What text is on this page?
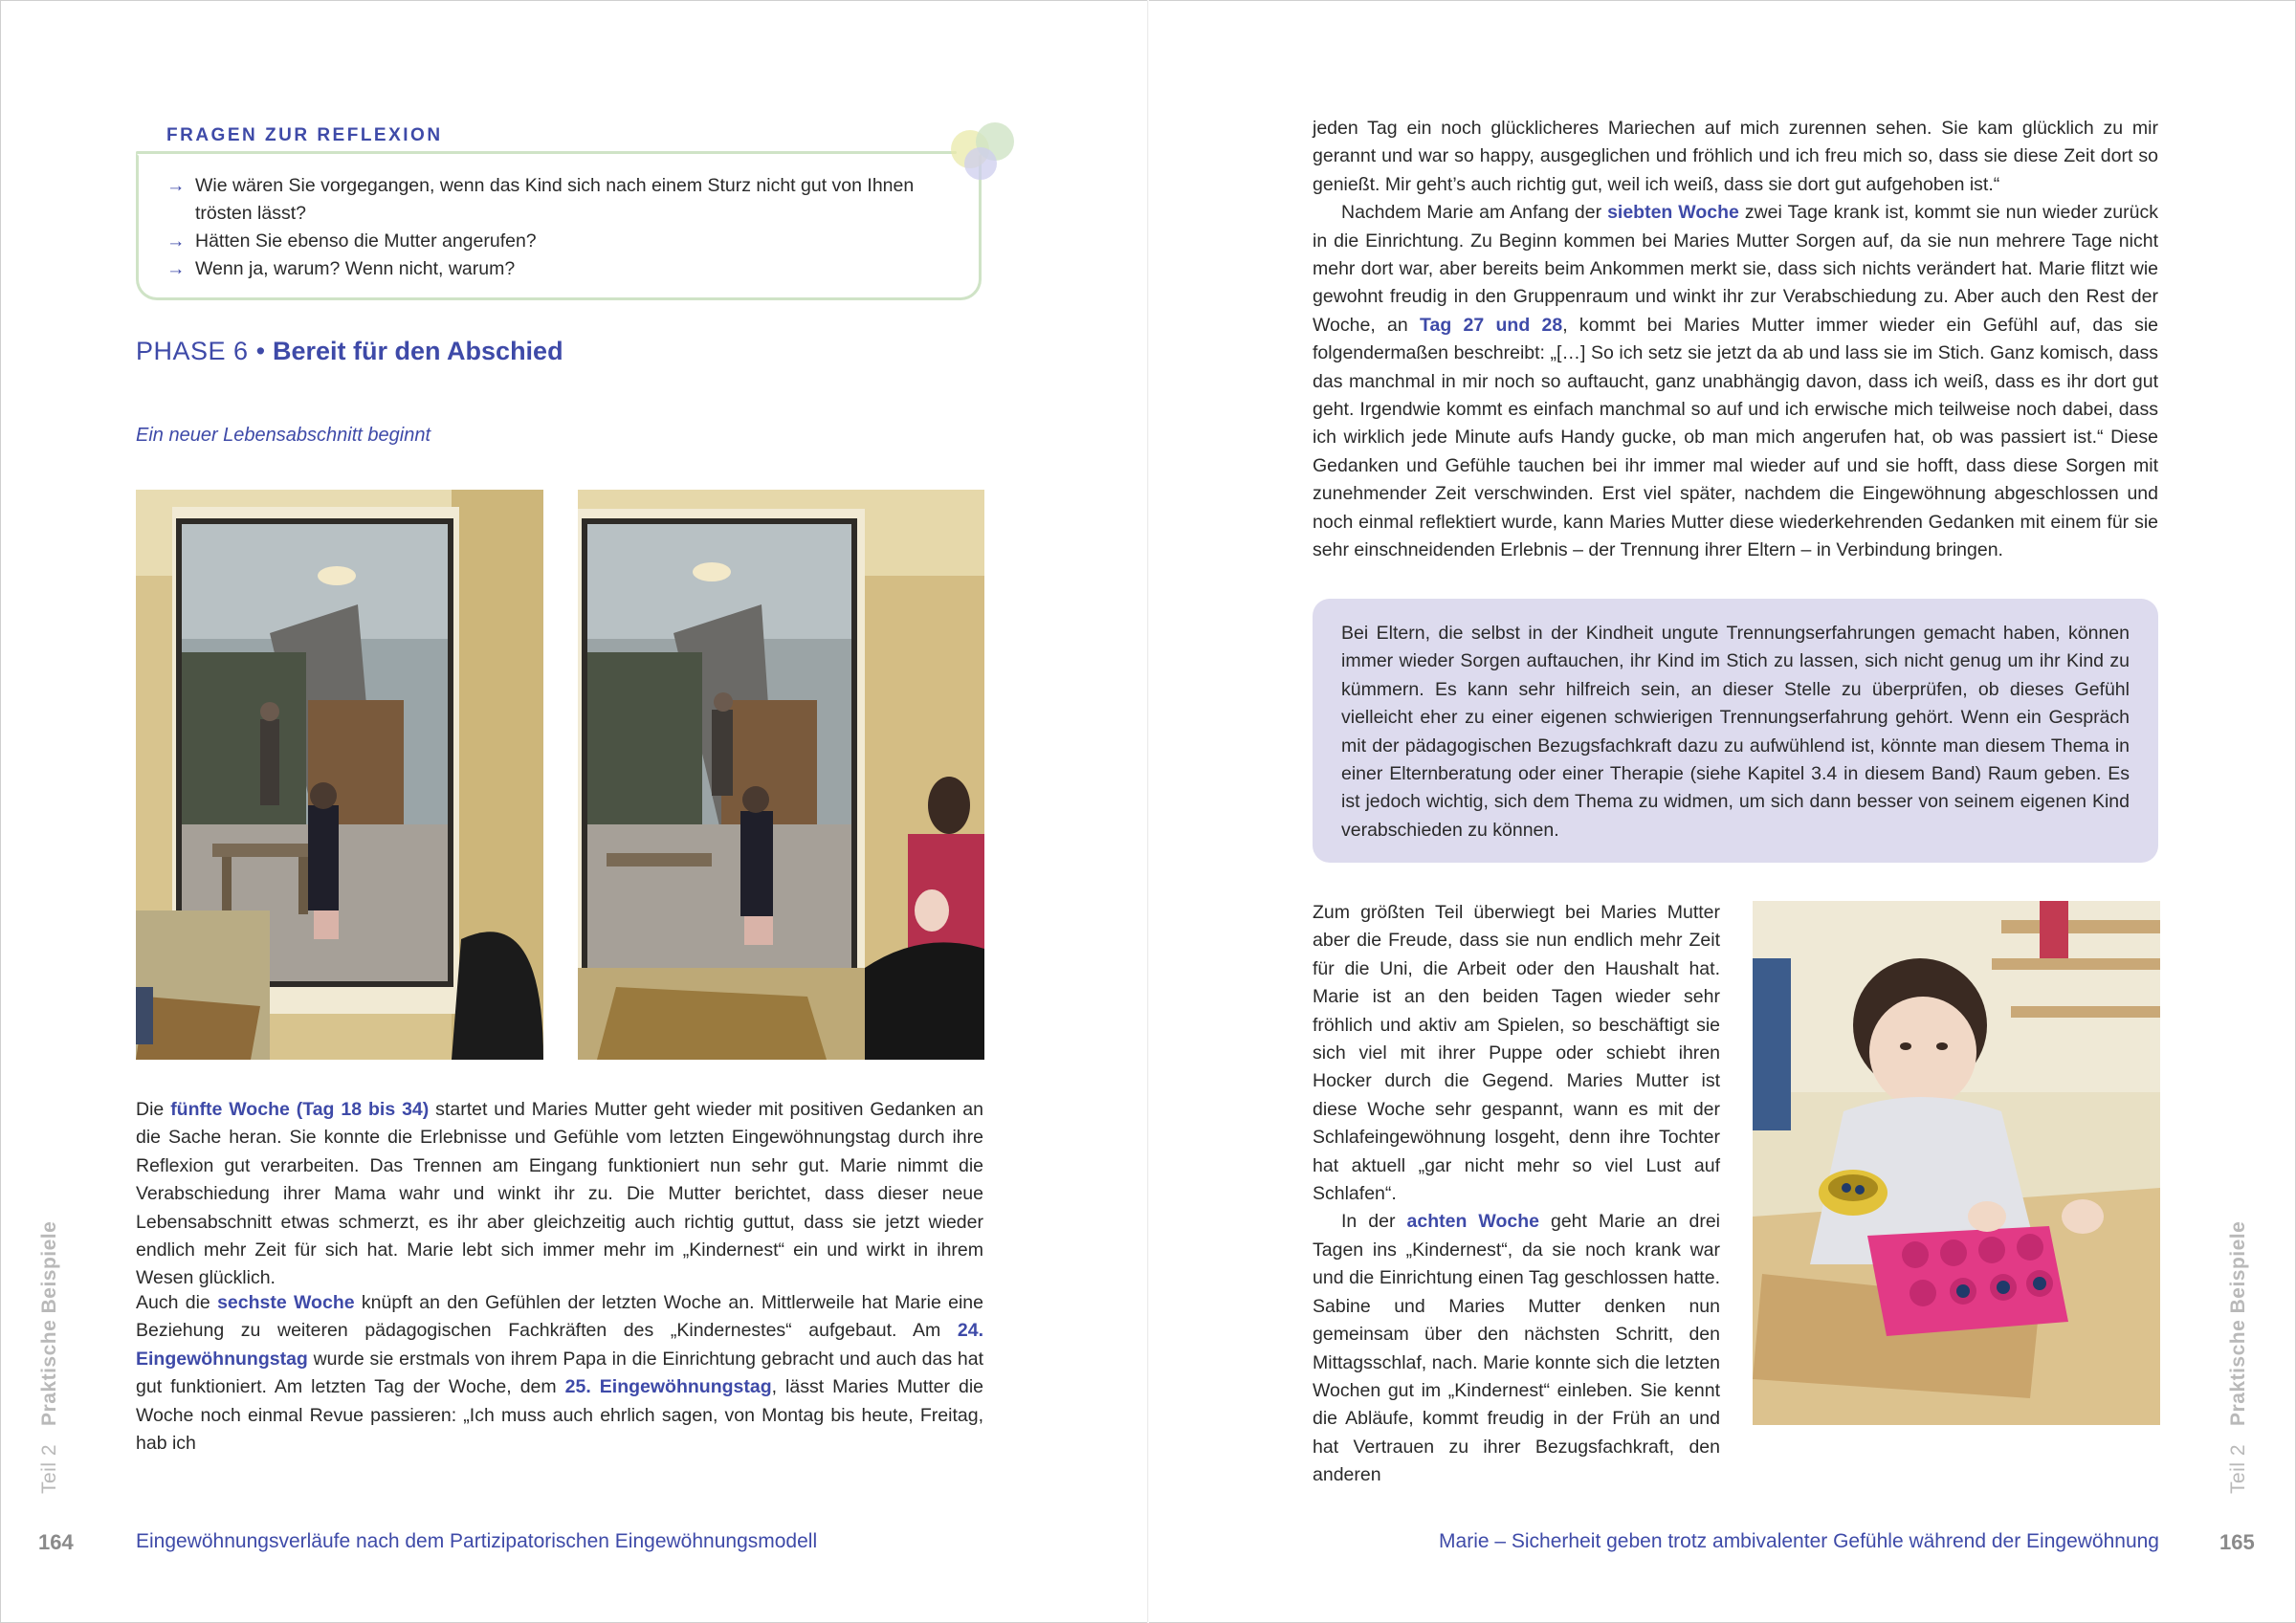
FRAGEN ZUR REFLEXION
→ Wie wären Sie vorgegangen, wenn das Kind sich nach einem Sturz nicht gut von Ihnen trösten lässt?
→ Hätten Sie ebenso die Mutter angerufen?
→ Wenn ja, warum? Wenn nicht, warum?
PHASE 6 • Bereit für den Abschied
Ein neuer Lebensabschnitt beginnt

Die fünfte Woche (Tag 18 bis 34) startet und Maries Mutter geht wieder mit positiven Gedanken an die Sache heran. Sie konnte die Erlebnisse und Gefühle vom letzten Eingewöhnungstag durch ihre Reflexion gut verarbeiten. Das Trennen am Eingang funktioniert nun sehr gut. Marie nimmt die Verabschiedung ihrer Mama wahr und winkt ihr zu. Die Mutter berichtet, dass dieser neue Lebensabschnitt etwas schmerzt, es ihr aber gleichzeitig auch richtig guttut, dass sie jetzt wieder endlich mehr Zeit für sich hat. Marie lebt sich immer mehr im „Kindernest“ ein und wirkt in ihrem Wesen glücklich.

Auch die sechste Woche knüpft an den Gefühlen der letzten Woche an. Mittlerweile hat Marie eine Beziehung zu weiteren pädagogischen Fachkräften des „Kindernestes“ aufgebaut. Am 24. Eingewöhnungstag wurde sie erstmals von ihrem Papa in die Einrichtung gebracht und auch das hat gut funktioniert. Am letzten Tag der Woche, dem 25. Eingewöhnungstag, lässt Maries Mutter die Woche noch einmal Revue passieren: „Ich muss auch ehrlich sagen, von Montag bis heute, Freitag, hab ich

Teil 2   Praktische Beispiele
164	Eingewöhnungsverläufe nach dem Partizipatorischen Eingewöhnungsmodell

jeden Tag ein noch glücklicheres Mariechen auf mich zurennen sehen. Sie kam glücklich zu mir gerannt und war so happy, ausgeglichen und fröhlich und ich freu mich so, dass sie diese Zeit dort so genießt. Mir geht’s auch richtig gut, weil ich weiß, dass sie dort gut aufgehoben ist.“

Nachdem Marie am Anfang der siebten Woche zwei Tage krank ist, kommt sie nun wieder zurück in die Einrichtung. Zu Beginn kommen bei Maries Mutter Sorgen auf, da sie nun mehrere Tage nicht mehr dort war, aber bereits beim Ankommen merkt sie, dass sich nichts verändert hat. Marie flitzt wie gewohnt freudig in den Gruppenraum und winkt ihr zur Verabschiedung zu. Aber auch den Rest der Woche, an Tag 27 und 28, kommt bei Maries Mutter immer wieder ein Gefühl auf, das sie folgendermaßen beschreibt: „[…] So ich setz sie jetzt da ab und lass sie im Stich. Ganz komisch, dass das manchmal in mir noch so auftaucht, ganz unabhängig davon, dass ich weiß, dass es ihr dort gut geht. Irgendwie kommt es einfach manchmal so auf und ich erwische mich teilweise noch dabei, dass ich wirklich jede Minute aufs Handy gucke, ob man mich angerufen hat, ob was passiert ist.“ Diese Gedanken und Gefühle tauchen bei ihr immer mal wieder auf und sie hofft, dass diese Sorgen mit zunehmender Zeit verschwinden. Erst viel später, nachdem die Eingewöhnung abgeschlossen und noch einmal reflektiert wurde, kann Maries Mutter diese wiederkehrenden Gedanken mit einem für sie sehr einschneidenden Erlebnis – der Trennung ihrer Eltern – in Verbindung bringen.

Bei Eltern, die selbst in der Kindheit ungute Trennungserfahrungen gemacht haben, können immer wieder Sorgen auftauchen, ihr Kind im Stich zu lassen, sich nicht genug um ihr Kind zu kümmern. Es kann sehr hilfreich sein, an dieser Stelle zu überprüfen, ob dieses Gefühl vielleicht eher zu einer eigenen schwierigen Trennungserfahrung gehört. Wenn ein Gespräch mit der pädagogischen Bezugsfachkraft dazu zu aufwühlend ist, könnte man diesem Thema in einer Elternberatung oder einer Therapie (siehe Kapitel 3.4 in diesem Band) Raum geben. Es ist jedoch wichtig, sich dem Thema zu widmen, um sich dann besser von seinem eigenen Kind verabschieden zu können.

Zum größten Teil überwiegt bei Maries Mutter aber die Freude, dass sie nun endlich mehr Zeit für die Uni, die Arbeit oder den Haushalt hat. Marie ist an den beiden Tagen wieder sehr fröhlich und aktiv am Spielen, so beschäftigt sie sich viel mit ihrer Puppe oder schiebt ihren Hocker durch die Gegend. Maries Mutter ist diese Woche sehr gespannt, wann es mit der Schlafeingewöhnung losgeht, denn ihre Tochter hat aktuell „gar nicht mehr so viel Lust auf Schlafen“.

In der achten Woche geht Marie an drei Tagen ins „Kindernest“, da sie noch krank war und die Einrichtung einen Tag geschlossen hatte. Sabine und Maries Mutter denken nun gemeinsam über den nächsten Schritt, den Mittagsschlaf, nach. Marie konnte sich die letzten Wochen gut im „Kindernest“ einleben. Sie kennt die Abläufe, kommt freudig in der Früh an und hat Vertrauen zu ihrer Bezugsfachkraft, den anderen	Teil 2   Praktische Beispiele
Marie – Sicherheit geben trotz ambivalenter Gefühle während der Eingewöhnung	165
